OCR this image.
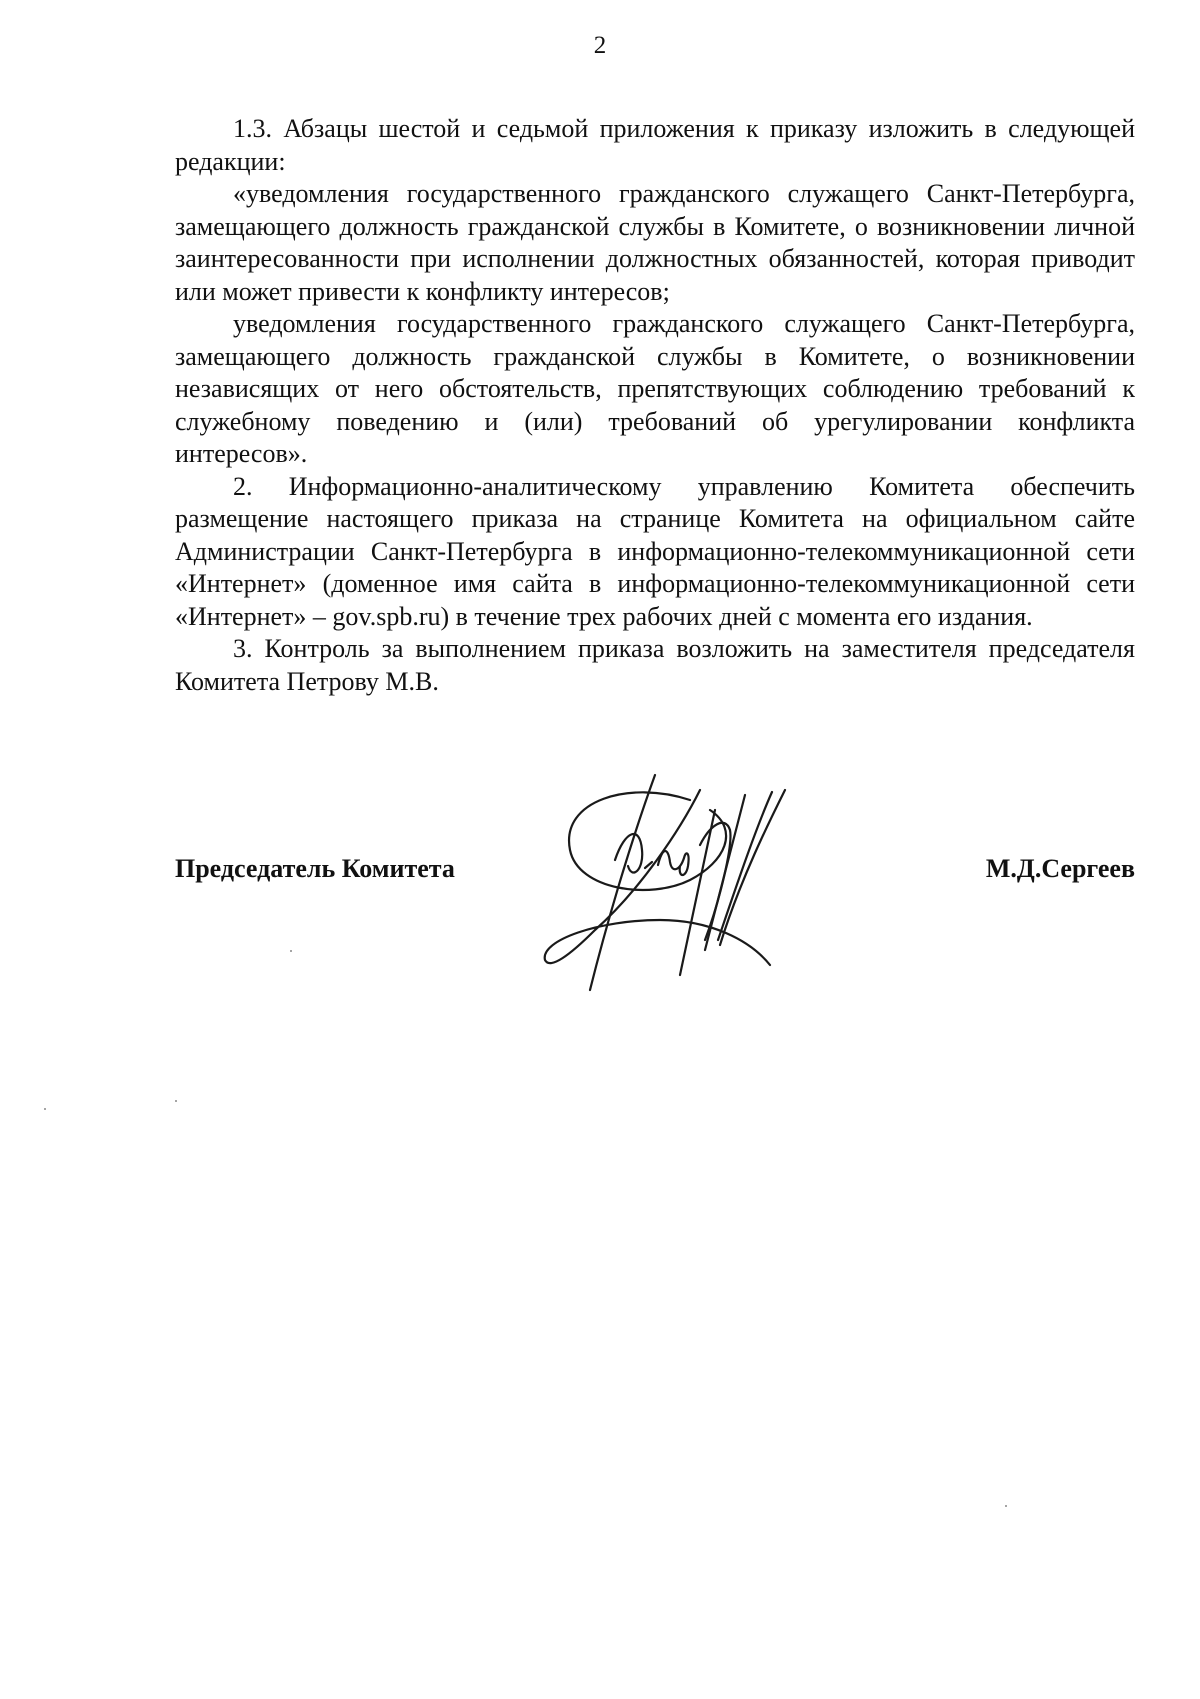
2

1.3. Абзацы шестой и седьмой приложения к приказу изложить в следующей редакции:

«уведомления государственного гражданского служащего Санкт-Петербурга, замещающего должность гражданской службы в Комитете, о возникновении личной заинтересованности при исполнении должностных обязанностей, которая приводит или может привести к конфликту интересов;

уведомления государственного гражданского служащего Санкт-Петербурга, замещающего должность гражданской службы в Комитете, о возникновении независящих от него обстоятельств, препятствующих соблюдению требований к служебному поведению и (или) требований об урегулировании конфликта интересов».

2. Информационно-аналитическому управлению Комитета обеспечить размещение настоящего приказа на странице Комитета на официальном сайте Администрации Санкт-Петербурга в информационно-телекоммуникационной сети «Интернет» (доменное имя сайта в информационно-телекоммуникационной сети «Интернет» – gov.spb.ru) в течение трех рабочих дней с момента его издания.

3. Контроль за выполнением приказа возложить на заместителя председателя Комитета Петрову М.В.

Председатель Комитета	М.Д.Сергеев
